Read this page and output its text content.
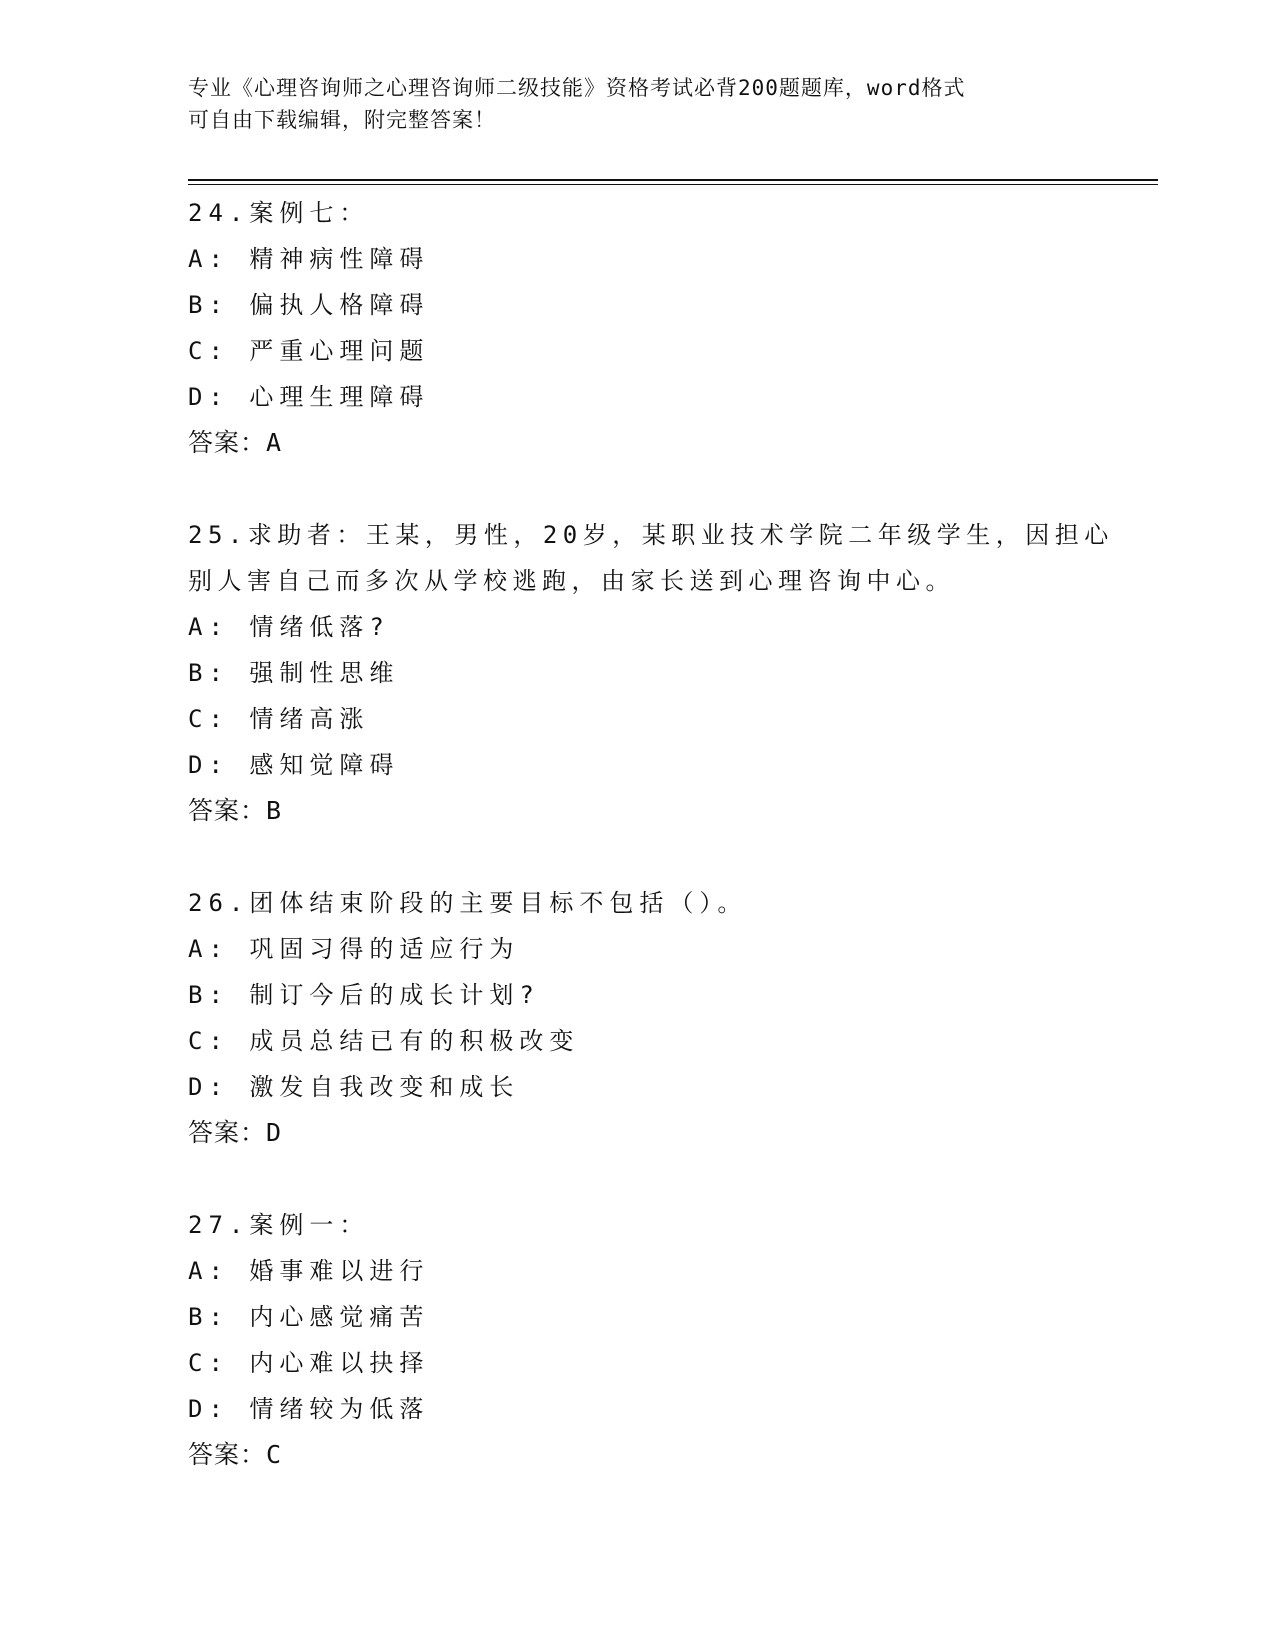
专业《心理咨询师之心理咨询师二级技能》资格考试必背200题题库，word格式
可自由下载编辑，附完整答案！
24.案例七：
A: 精神病性障碍
B: 偏执人格障碍
C: 严重心理问题
D: 心理生理障碍
答案：A
25.求助者：王某，男性，20岁，某职业技术学院二年级学生，因担心
别人害自己而多次从学校逃跑，由家长送到心理咨询中心。
A: 情绪低落?
B: 强制性思维
C: 情绪高涨
D: 感知觉障碍
答案：B
26.团体结束阶段的主要目标不包括（）。
A: 巩固习得的适应行为
B: 制订今后的成长计划?
C: 成员总结已有的积极改变
D: 激发自我改变和成长
答案：D
27.案例一：
A: 婚事难以进行
B: 内心感觉痛苦
C: 内心难以抉择
D: 情绪较为低落
答案：C
